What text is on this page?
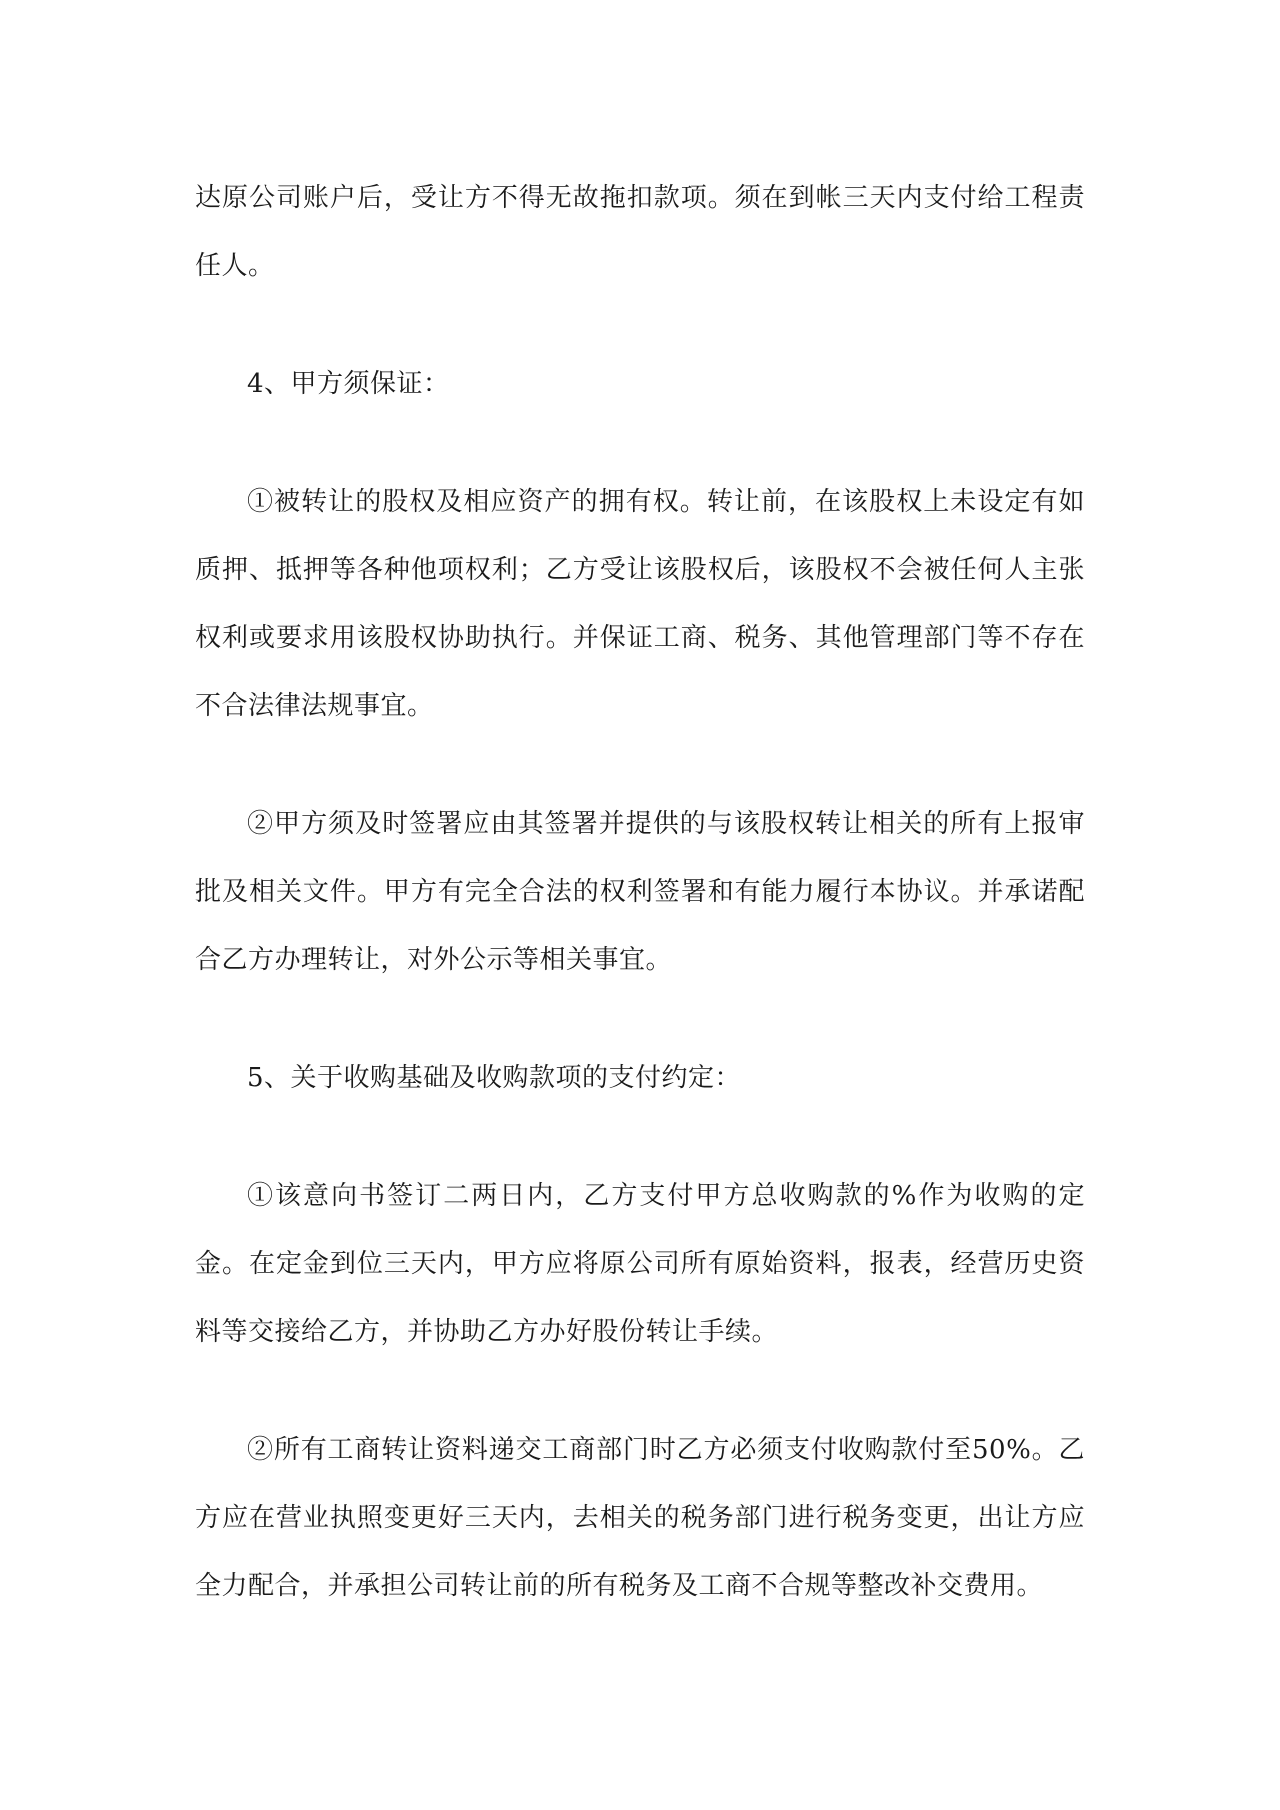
达原公司账户后，受让方不得无故拖扣款项。须在到帐三天内支付给工程责任人。

4、甲方须保证：

①被转让的股权及相应资产的拥有权。转让前，在该股权上未设定有如质押、抵押等各种他项权利；乙方受让该股权后，该股权不会被任何人主张权利或要求用该股权协助执行。并保证工商、税务、其他管理部门等不存在不合法律法规事宜。

②甲方须及时签署应由其签署并提供的与该股权转让相关的所有上报审批及相关文件。甲方有完全合法的权利签署和有能力履行本协议。并承诺配合乙方办理转让，对外公示等相关事宜。

5、关于收购基础及收购款项的支付约定：

①该意向书签订二两日内，乙方支付甲方总收购款的%作为收购的定金。在定金到位三天内，甲方应将原公司所有原始资料，报表，经营历史资料等交接给乙方，并协助乙方办好股份转让手续。

②所有工商转让资料递交工商部门时乙方必须支付收购款付至50%。乙方应在营业执照变更好三天内，去相关的税务部门进行税务变更，出让方应全力配合，并承担公司转让前的所有税务及工商不合规等整改补交费用。
